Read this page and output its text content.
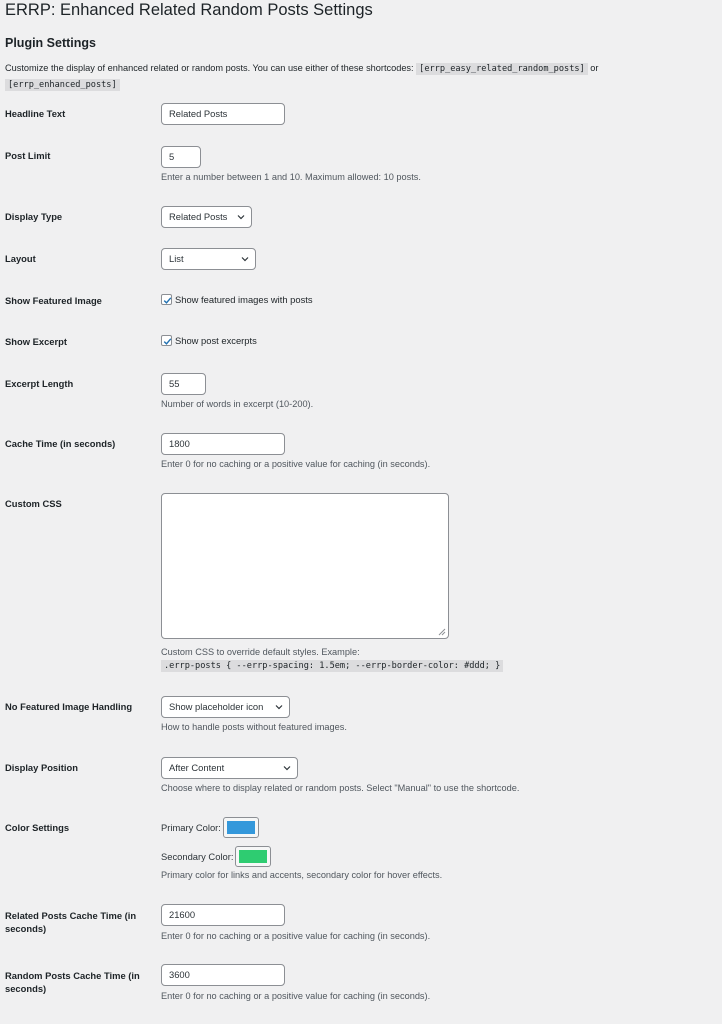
ERRP: Enhanced Related Random Posts Settings
Plugin Settings
Customize the display of enhanced related or random posts. You can use either of these shortcodes: [errp_easy_related_random_posts] or
[errp_enhanced_posts]
Headline Text	Related Posts
Post Limit	5
Enter a number between 1 and 10. Maximum allowed: 10 posts.
Display Type	Related Posts
Layout	List
Show Featured Image	Show featured images with posts
Show Excerpt	Show post excerpts
Excerpt Length	55
Number of words in excerpt (10-200).
Cache Time (in seconds)	1800
Enter 0 for no caching or a positive value for caching (in seconds).
Custom CSS
Custom CSS to override default styles. Example:
.errp-posts { --errp-spacing: 1.5em; --errp-border-color: #ddd; }
No Featured Image Handling	Show placeholder icon
How to handle posts without featured images.
Display Position	After Content
Choose where to display related or random posts. Select "Manual" to use the shortcode.
Color Settings	Primary Color:
Secondary Color:
Primary color for links and accents, secondary color for hover effects.
Related Posts Cache Time (in seconds)
21600
Enter 0 for no caching or a positive value for caching (in seconds).
Random Posts Cache Time (in seconds)
3600
Enter 0 for no caching or a positive value for caching (in seconds).
